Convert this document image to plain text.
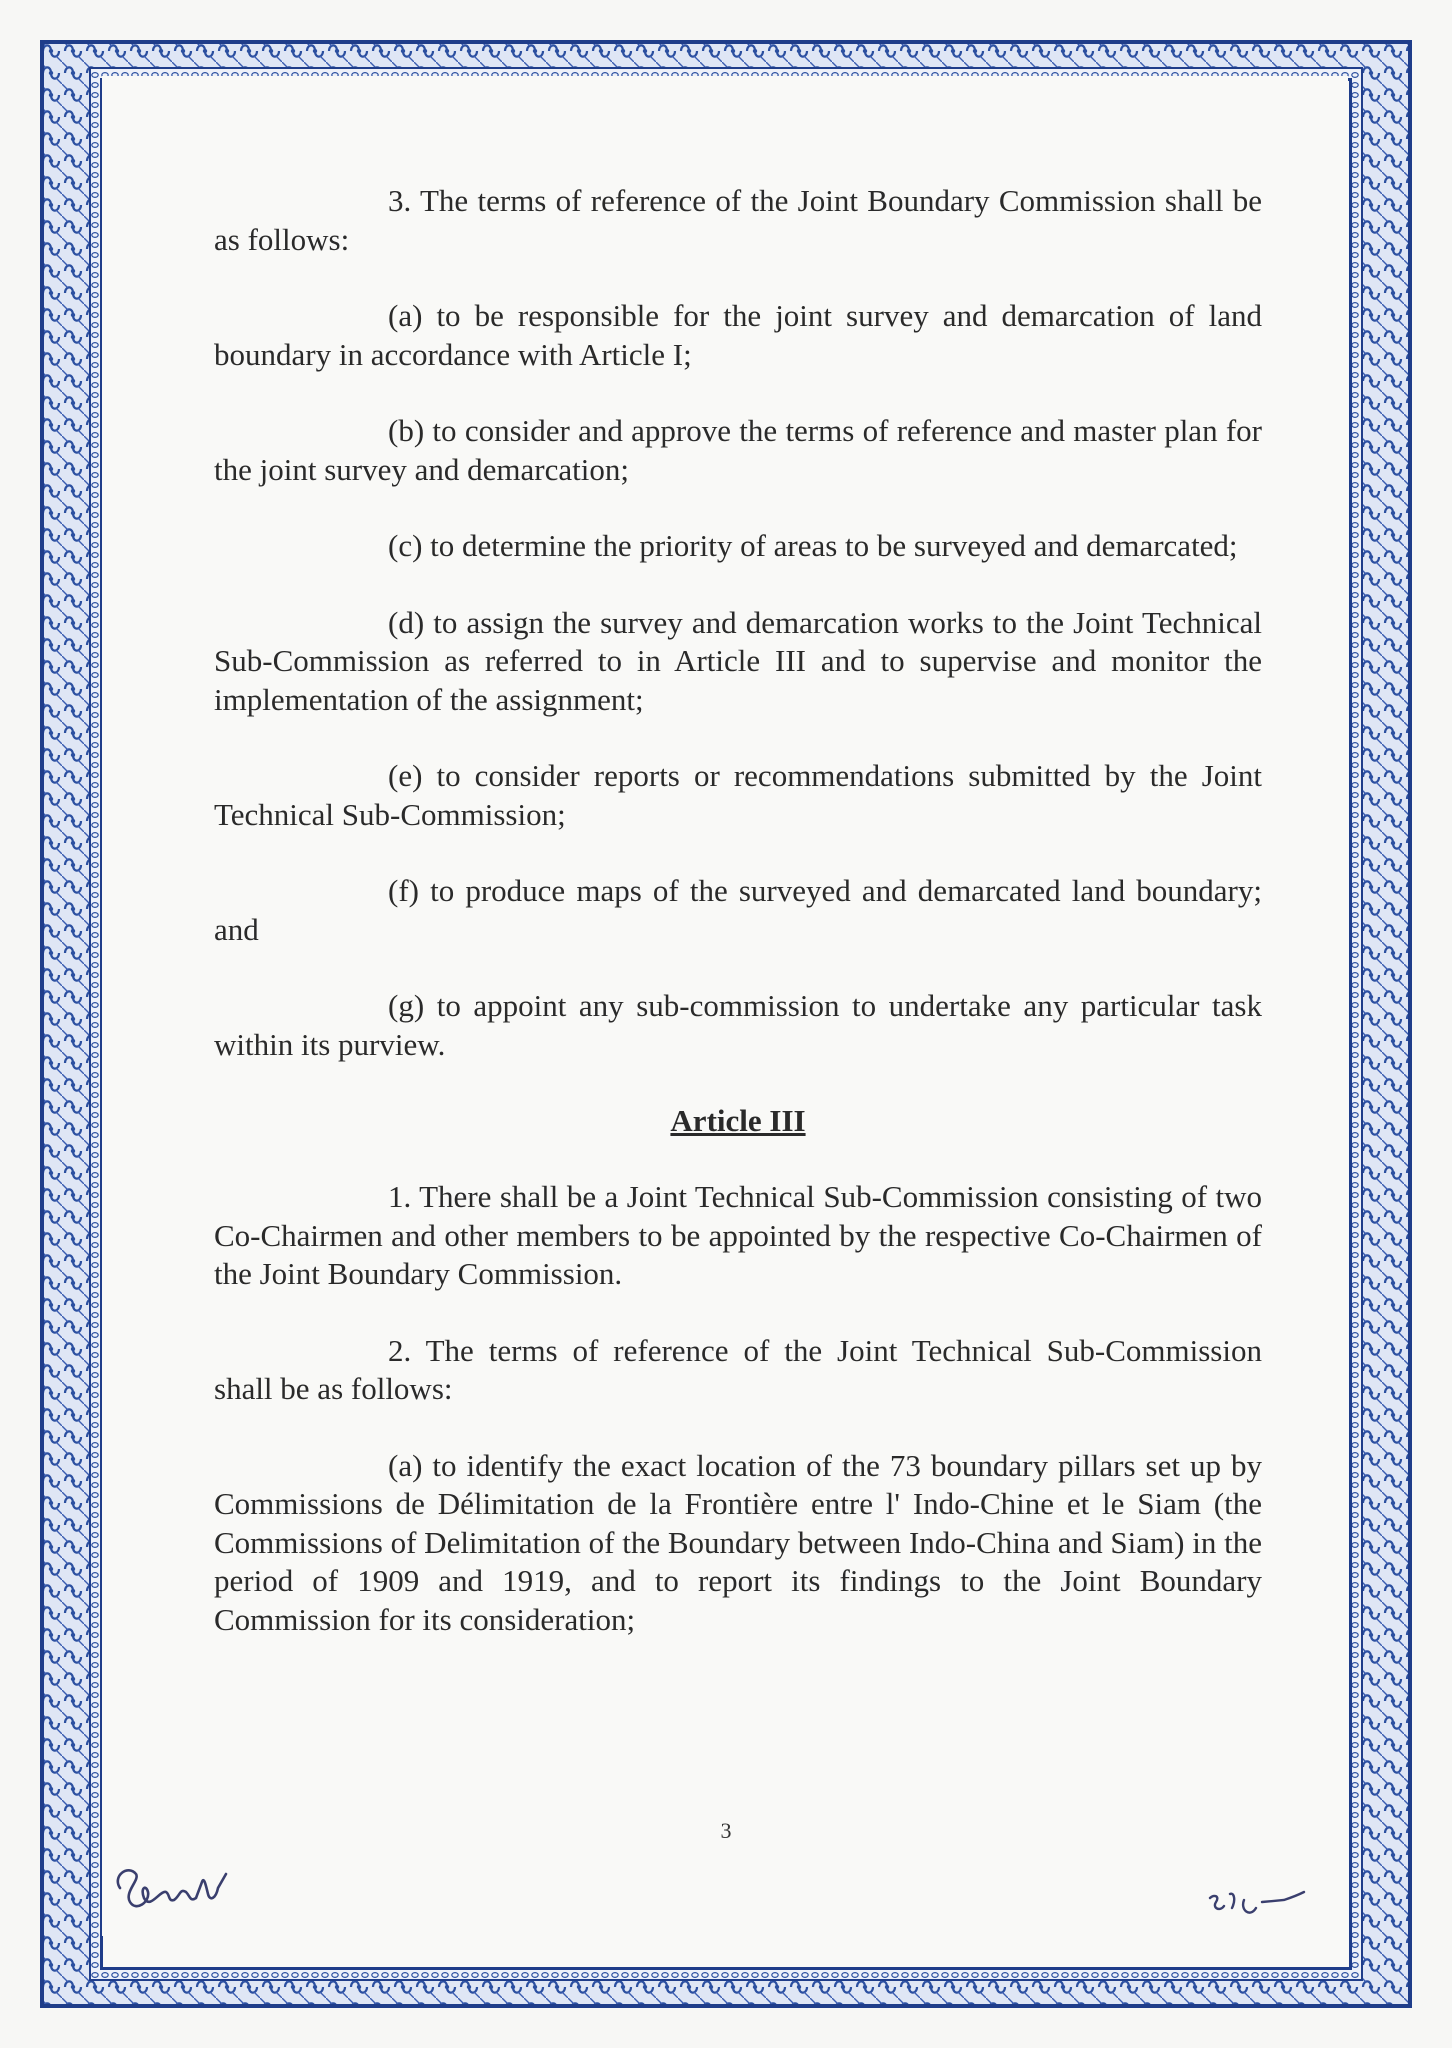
3. The terms of reference of the Joint Boundary Commission shall be as follows:

(a) to be responsible for the joint survey and demarcation of land boundary in accordance with Article I;

(b) to consider and approve the terms of reference and master plan for the joint survey and demarcation;

(c) to determine the priority of areas to be surveyed and demarcated;

(d) to assign the survey and demarcation works to the Joint Technical Sub-Commission as referred to in Article III and to supervise and monitor the implementation of the assignment;

(e) to consider reports or recommendations submitted by the Joint Technical Sub-Commission;

(f) to produce maps of the surveyed and demarcated land boundary; and

(g) to appoint any sub-commission to undertake any particular task within its purview.

Article III

1. There shall be a Joint Technical Sub-Commission consisting of two Co-Chairmen and other members to be appointed by the respective Co-Chairmen of the Joint Boundary Commission.

2. The terms of reference of the Joint Technical Sub-Commission shall be as follows:

(a) to identify the exact location of the 73 boundary pillars set up by Commissions de Délimitation de la Frontière entre l' Indo-Chine et le Siam (the Commissions of Delimitation of the Boundary between Indo-China and Siam) in the period of 1909 and 1919, and to report its findings to the Joint Boundary Commission for its consideration;

3
